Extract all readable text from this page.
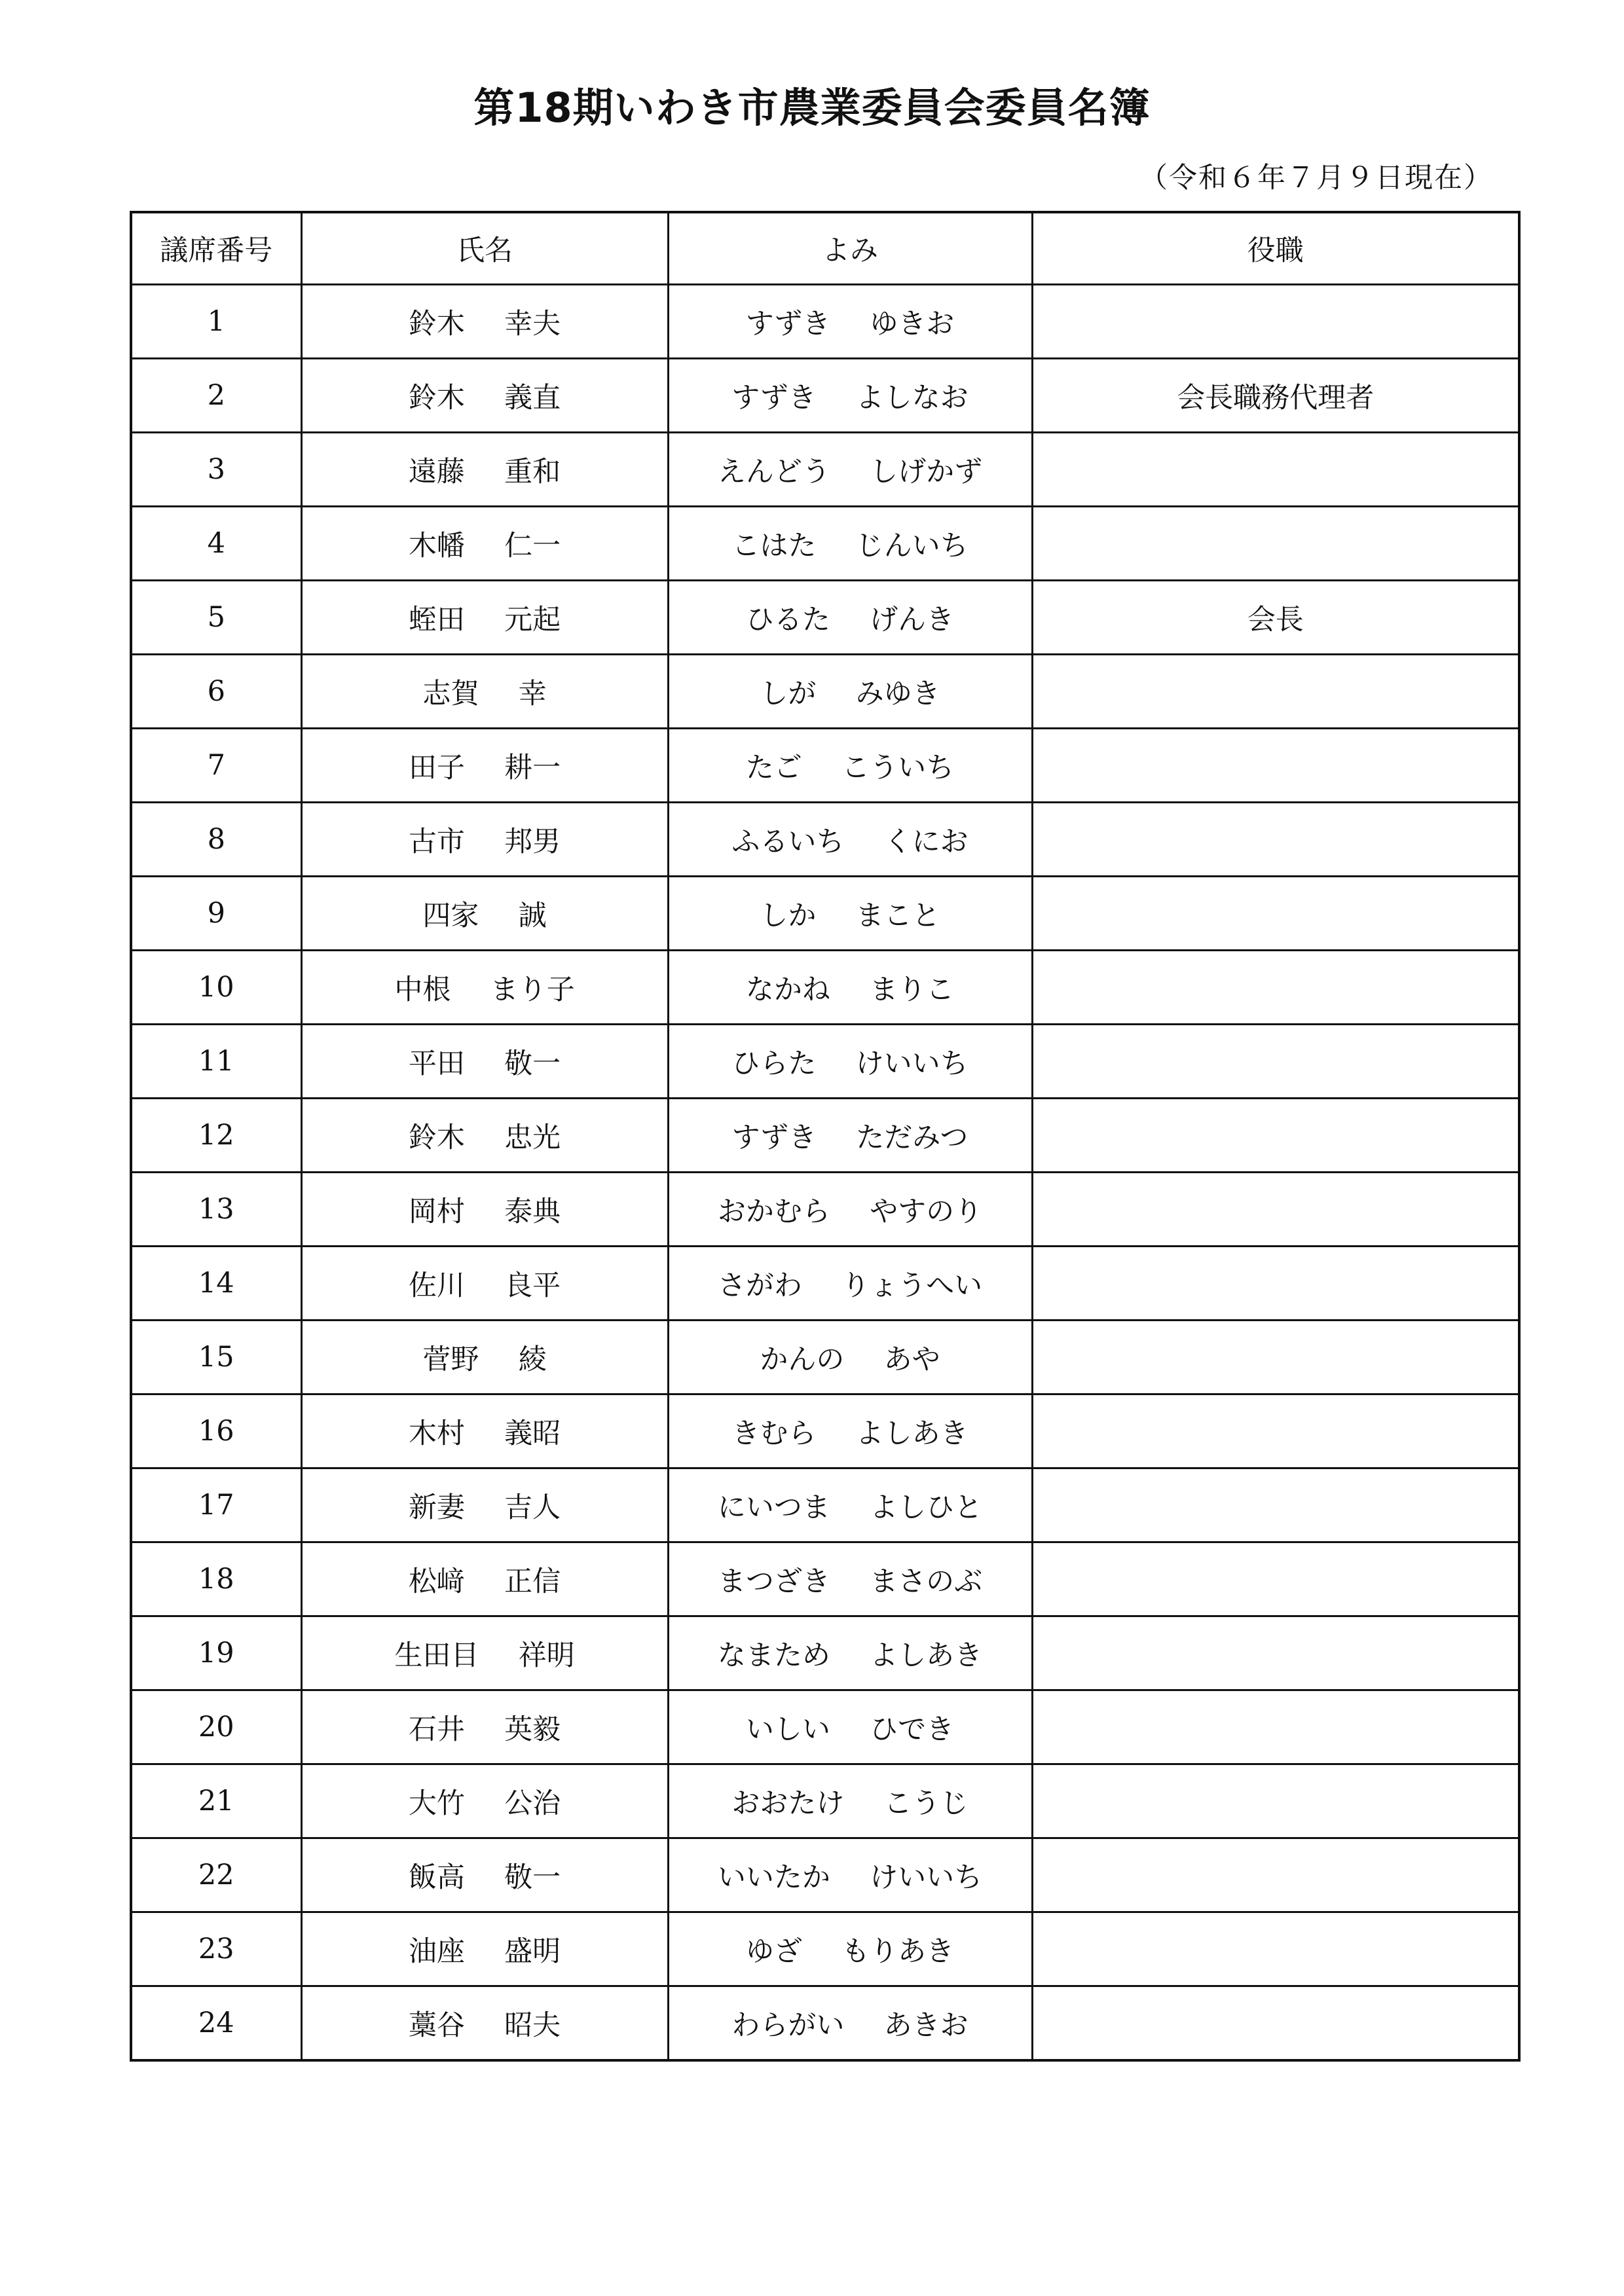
第18期いわき市農業委員会委員名簿
（令和６年７月９日現在）
議席番号	氏名	よみ	役職
1	鈴木 幸夫	すずき ゆきお	
2	鈴木 義直	すずき よしなお	会長職務代理者
3	遠藤 重和	えんどう しげかず	
4	木幡 仁一	こはた じんいち	
5	蛭田 元起	ひるた げんき	会長
6	志賀 幸	しが みゆき	
7	田子 耕一	たご こういち	
8	古市 邦男	ふるいち くにお	
9	四家 誠	しか まこと	
10	中根 まり子	なかね まりこ	
11	平田 敬一	ひらた けいいち	
12	鈴木 忠光	すずき ただみつ	
13	岡村 泰典	おかむら やすのり	
14	佐川 良平	さがわ りょうへい	
15	菅野 綾	かんの あや	
16	木村 義昭	きむら よしあき	
17	新妻 吉人	にいつま よしひと	
18	松﨑 正信	まつざき まさのぶ	
19	生田目 祥明	なまため よしあき	
20	石井 英毅	いしい ひでき	
21	大竹 公治	おおたけ こうじ	
22	飯高 敬一	いいたか けいいち	
23	油座 盛明	ゆざ もりあき	
24	藁谷 昭夫	わらがい あきお	
